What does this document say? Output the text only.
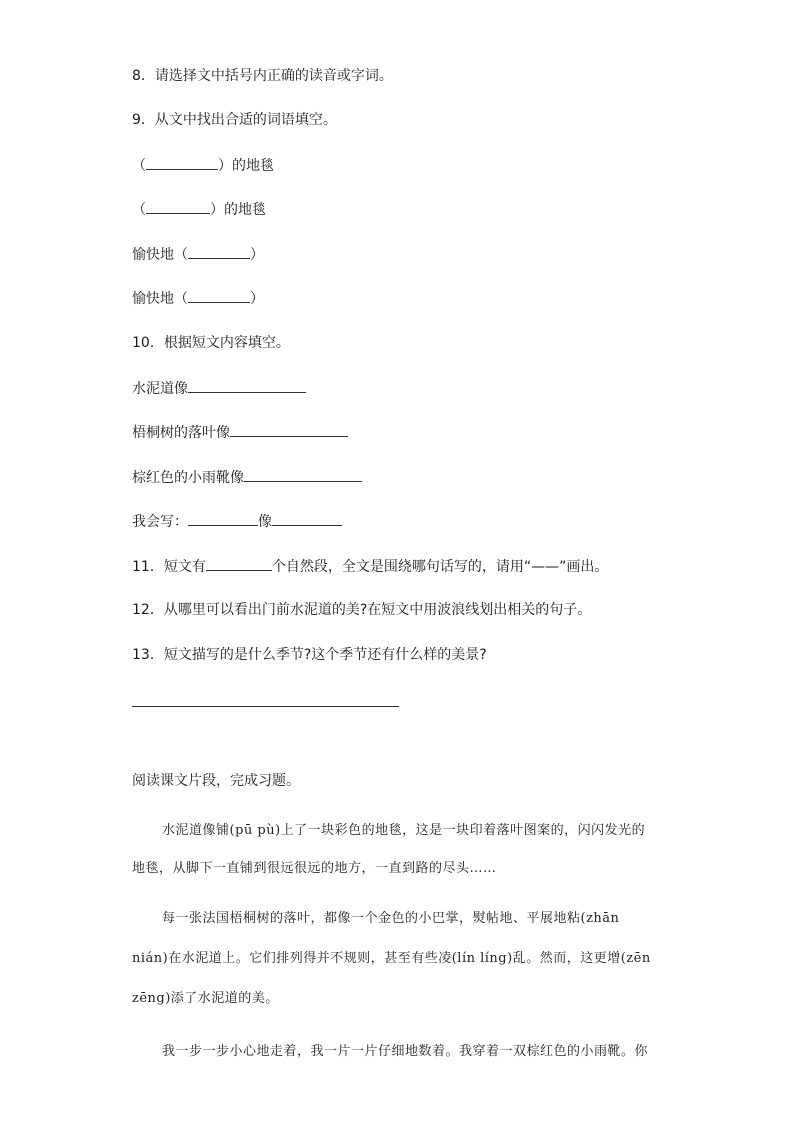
8．请选择文中括号内正确的读音或字词。
9．从文中找出合适的词语填空。
（	）的地毯
（	）的地毯
愉快地（	）
愉快地（	）
10．根据短文内容填空。
水泥道像
梧桐树的落叶像
棕红色的小雨靴像
我会写：	像
11．短文有	个自然段，全文是围绕哪句话写的，请用“——”画出。
12．从哪里可以看出门前水泥道的美?在短文中用波浪线划出相关的句子。
13．短文描写的是什么季节?这个季节还有什么样的美景?
阅读课文片段，完成习题。
水泥道像铺(pū pù)上了一块彩色的地毯，这是一块印着落叶图案的，闪闪发光的
地毯，从脚下一直铺到很远很远的地方，一直到路的尽头……
每一张法国梧桐树的落叶，都像一个金色的小巴掌，熨帖地、平展地粘(zhān
nián)在水泥道上。它们排列得并不规则，甚至有些凌(lín líng)乱。然而，这更增(zēn
zēng)添了水泥道的美。
我一步一步小心地走着，我一片一片仔细地数着。我穿着一双棕红色的小雨靴。你
